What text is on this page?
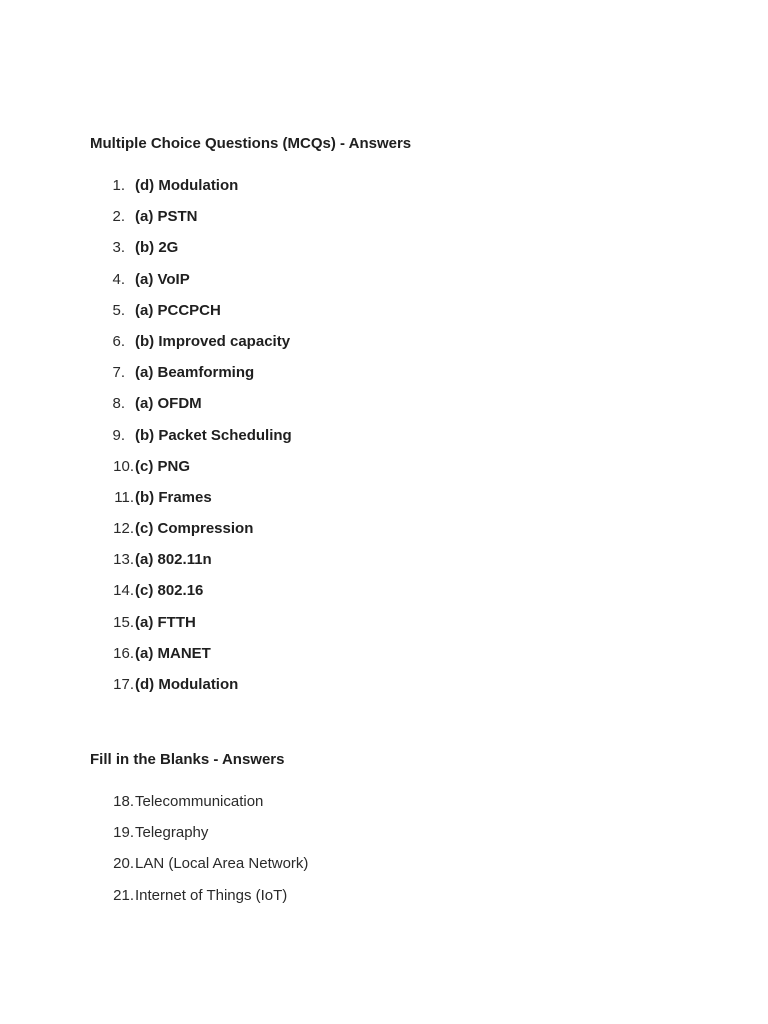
Multiple Choice Questions (MCQs) - Answers
1. (d) Modulation
2. (a) PSTN
3. (b) 2G
4. (a) VoIP
5. (a) PCCPCH
6. (b) Improved capacity
7. (a) Beamforming
8. (a) OFDM
9. (b) Packet Scheduling
10.(c) PNG
11.(b) Frames
12.(c) Compression
13.(a) 802.11n
14.(c) 802.16
15.(a) FTTH
16.(a) MANET
17.(d) Modulation
Fill in the Blanks - Answers
18.Telecommunication
19.Telegraphy
20.LAN (Local Area Network)
21.Internet of Things (IoT)
